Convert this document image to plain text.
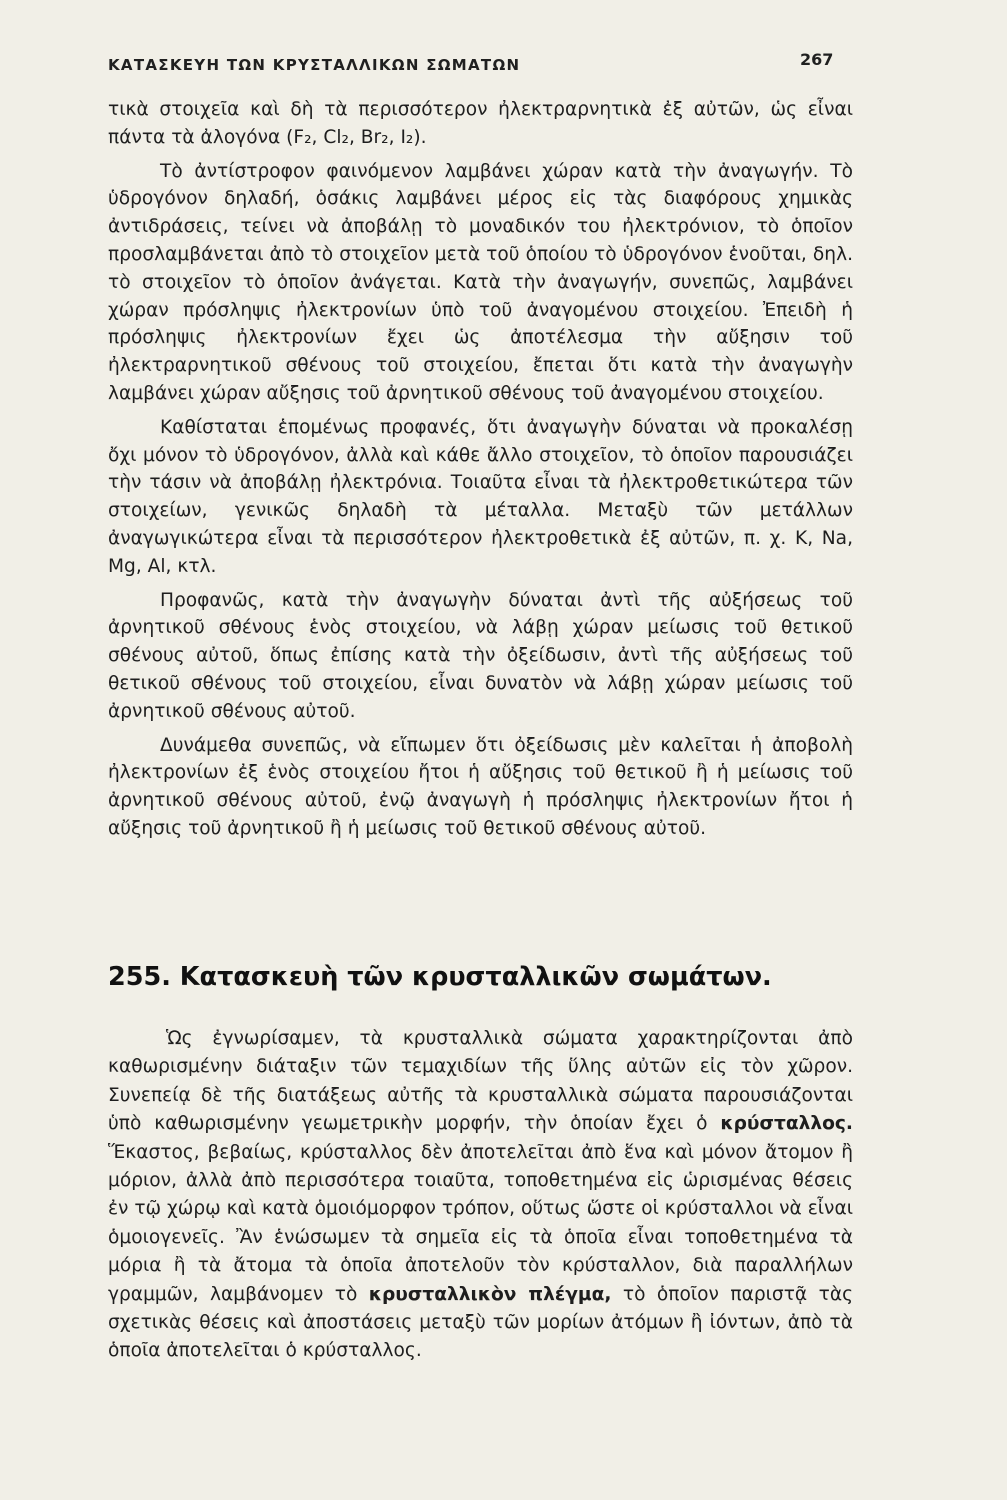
ΚΑΤΑΣΚΕΥΗ ΤΩΝ ΚΡΥΣΤΑΛΛΙΚΩΝ ΣΩΜΑΤΩΝ	267

τικὰ στοιχεῖα καὶ δὴ τὰ περισσότερον ἠλεκτραρνητικὰ ἐξ αὐτῶν, ὡς εἶναι πάντα τὰ ἀλογόνα (F₂, Cl₂, Br₂, I₂).

Τὸ ἀντίστροφον φαινόμενον λαμβάνει χώραν κατὰ τὴν ἀναγωγήν. Τὸ ὑδρογόνον δηλαδή, ὁσάκις λαμβάνει μέρος εἰς τὰς διαφόρους χημικὰς ἀντιδράσεις, τείνει νὰ ἀποβάλῃ τὸ μοναδικόν του ἠλεκτρόνιον, τὸ ὁποῖον προσλαμβάνεται ἀπὸ τὸ στοιχεῖον μετὰ τοῦ ὁποίου τὸ ὑδρογόνον ἑνοῦται, δηλ. τὸ στοιχεῖον τὸ ὁποῖον ἀνάγεται. Κατὰ τὴν ἀναγωγήν, συνεπῶς, λαμβάνει χώραν πρόσληψις ἠλεκτρονίων ὑπὸ τοῦ ἀναγομένου στοιχείου. Ἐπειδὴ ἡ πρόσληψις ἠλεκτρονίων ἔχει ὡς ἀποτέλεσμα τὴν αὔξησιν τοῦ ἠλεκτραρνητικοῦ σθένους τοῦ στοιχείου, ἔπεται ὅτι κατὰ τὴν ἀναγωγὴν λαμβάνει χώραν αὔξησις τοῦ ἀρνητικοῦ σθένους τοῦ ἀναγομένου στοιχείου.

Καθίσταται ἑπομένως προφανές, ὅτι ἀναγωγὴν δύναται νὰ προκαλέσῃ ὄχι μόνον τὸ ὑδρογόνον, ἀλλὰ καὶ κάθε ἄλλο στοιχεῖον, τὸ ὁποῖον παρουσιάζει τὴν τάσιν νὰ ἀποβάλῃ ἠλεκτρόνια. Τοιαῦτα εἶναι τὰ ἠλεκτροθετικώτερα τῶν στοιχείων, γενικῶς δηλαδὴ τὰ μέταλλα. Μεταξὺ τῶν μετάλλων ἀναγωγικώτερα εἶναι τὰ περισσότερον ἠλεκτροθετικὰ ἐξ αὐτῶν, π. χ. K, Na, Mg, Al, κτλ.

Προφανῶς, κατὰ τὴν ἀναγωγὴν δύναται ἀντὶ τῆς αὐξήσεως τοῦ ἀρνητικοῦ σθένους ἑνὸς στοιχείου, νὰ λάβῃ χώραν μείωσις τοῦ θετικοῦ σθένους αὐτοῦ, ὅπως ἐπίσης κατὰ τὴν ὀξείδωσιν, ἀντὶ τῆς αὐξήσεως τοῦ θετικοῦ σθένους τοῦ στοιχείου, εἶναι δυνατὸν νὰ λάβῃ χώραν μείωσις τοῦ ἀρνητικοῦ σθένους αὐτοῦ.

Δυνάμεθα συνεπῶς, νὰ εἴπωμεν ὅτι ὀξείδωσις μὲν καλεῖται ἡ ἀποβολὴ ἠλεκτρονίων ἐξ ἑνὸς στοιχείου ἤτοι ἡ αὔξησις τοῦ θετικοῦ ἢ ἡ μείωσις τοῦ ἀρνητικοῦ σθένους αὐτοῦ, ἐνῷ ἀναγωγὴ ἡ πρόσληψις ἠλεκτρονίων ἤτοι ἡ αὔξησις τοῦ ἀρνητικοῦ ἢ ἡ μείωσις τοῦ θετικοῦ σθένους αὐτοῦ.

255. Κατασκευὴ τῶν κρυσταλλικῶν σωμάτων.

Ὡς ἐγνωρίσαμεν, τὰ κρυσταλλικὰ σώματα χαρακτηρίζονται ἀπὸ καθωρισμένην διάταξιν τῶν τεμαχιδίων τῆς ὕλης αὐτῶν εἰς τὸν χῶρον. Συνεπείᾳ δὲ τῆς διατάξεως αὐτῆς τὰ κρυσταλλικὰ σώματα παρουσιάζονται ὑπὸ καθωρισμένην γεωμετρικὴν μορφήν, τὴν ὁποίαν ἔχει ὁ κρύσταλλος. Ἕκαστος, βεβαίως, κρύσταλλος δὲν ἀποτελεῖται ἀπὸ ἕνα καὶ μόνον ἄτομον ἢ μόριον, ἀλλὰ ἀπὸ περισσότερα τοιαῦτα, τοποθετημένα εἰς ὡρισμένας θέσεις ἐν τῷ χώρῳ καὶ κατὰ ὁμοιόμορφον τρόπον, οὕτως ὥστε οἱ κρύσταλλοι νὰ εἶναι ὁμοιογενεῖς. Ἂν ἑνώσωμεν τὰ σημεῖα εἰς τὰ ὁποῖα εἶναι τοποθετημένα τὰ μόρια ἢ τὰ ἄτομα τὰ ὁποῖα ἀποτελοῦν τὸν κρύσταλλον, διὰ παραλλήλων γραμμῶν, λαμβάνομεν τὸ κρυσταλλικὸν πλέγμα, τὸ ὁποῖον παριστᾷ τὰς σχετικὰς θέσεις καὶ ἀποστάσεις μεταξὺ τῶν μορίων ἀτόμων ἢ ἰόντων, ἀπὸ τὰ ὁποῖα ἀποτελεῖται ὁ κρύσταλλος.
